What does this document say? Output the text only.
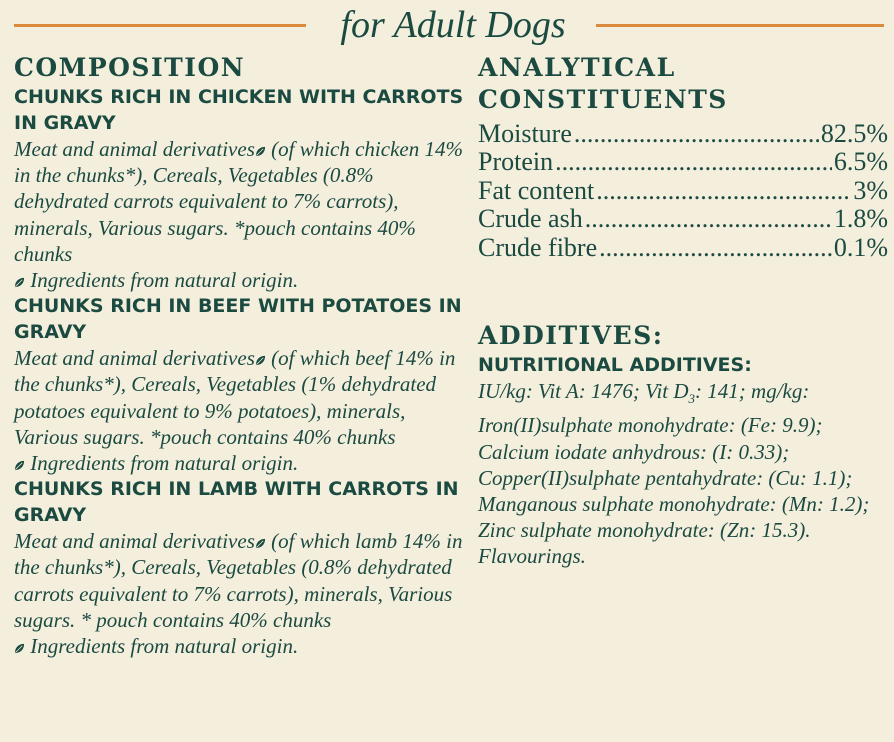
for Adult Dogs
COMPOSITION
CHUNKS RICH IN CHICKEN WITH CARROTS IN GRAVY

Meat and animal derivatives
(of which chicken 14% in the chunks*), Cereals, Vegetables (0.8% dehydrated carrots equivalent to 7% carrots), minerals, Various sugars. *pouch contains 40% chunks

Ingredients from natural origin.

CHUNKS RICH IN BEEF WITH POTATOES IN GRAVY

Meat and animal derivatives
(of which beef 14% in the chunks*), Cereals, Vegetables (1% dehydrated potatoes equivalent to 9% potatoes), minerals, Various sugars. *pouch contains 40% chunks

Ingredients from natural origin.

CHUNKS RICH IN LAMB WITH CARROTS IN GRAVY

Meat and animal derivatives
(of which lamb 14% in the chunks*), Cereals, Vegetables (0.8% dehydrated carrots equivalent to 7% carrots), minerals, Various sugars. * pouch contains 40% chunks

Ingredients from natural origin.

ANALYTICAL
CONSTITUENTS
Moisture .....	82.5%
Protein .....	6.5%
Fat content .....	3%
Crude ash .....	1.8%
Crude fibre .....	0.1%
ADDITIVES:
NUTRITIONAL ADDITIVES:

IU/kg: Vit A: 1476; Vit $D_3$: 141; mg/kg: Iron(II)sulphate monohydrate: (Fe: 9.9); Calcium iodate anhydrous: (I: 0.33); Copper(II)sulphate pentahydrate: (Cu: 1.1); Manganous sulphate monohydrate: (Mn: 1.2); Zinc sulphate monohydrate: (Zn: 15.3). Flavourings.
